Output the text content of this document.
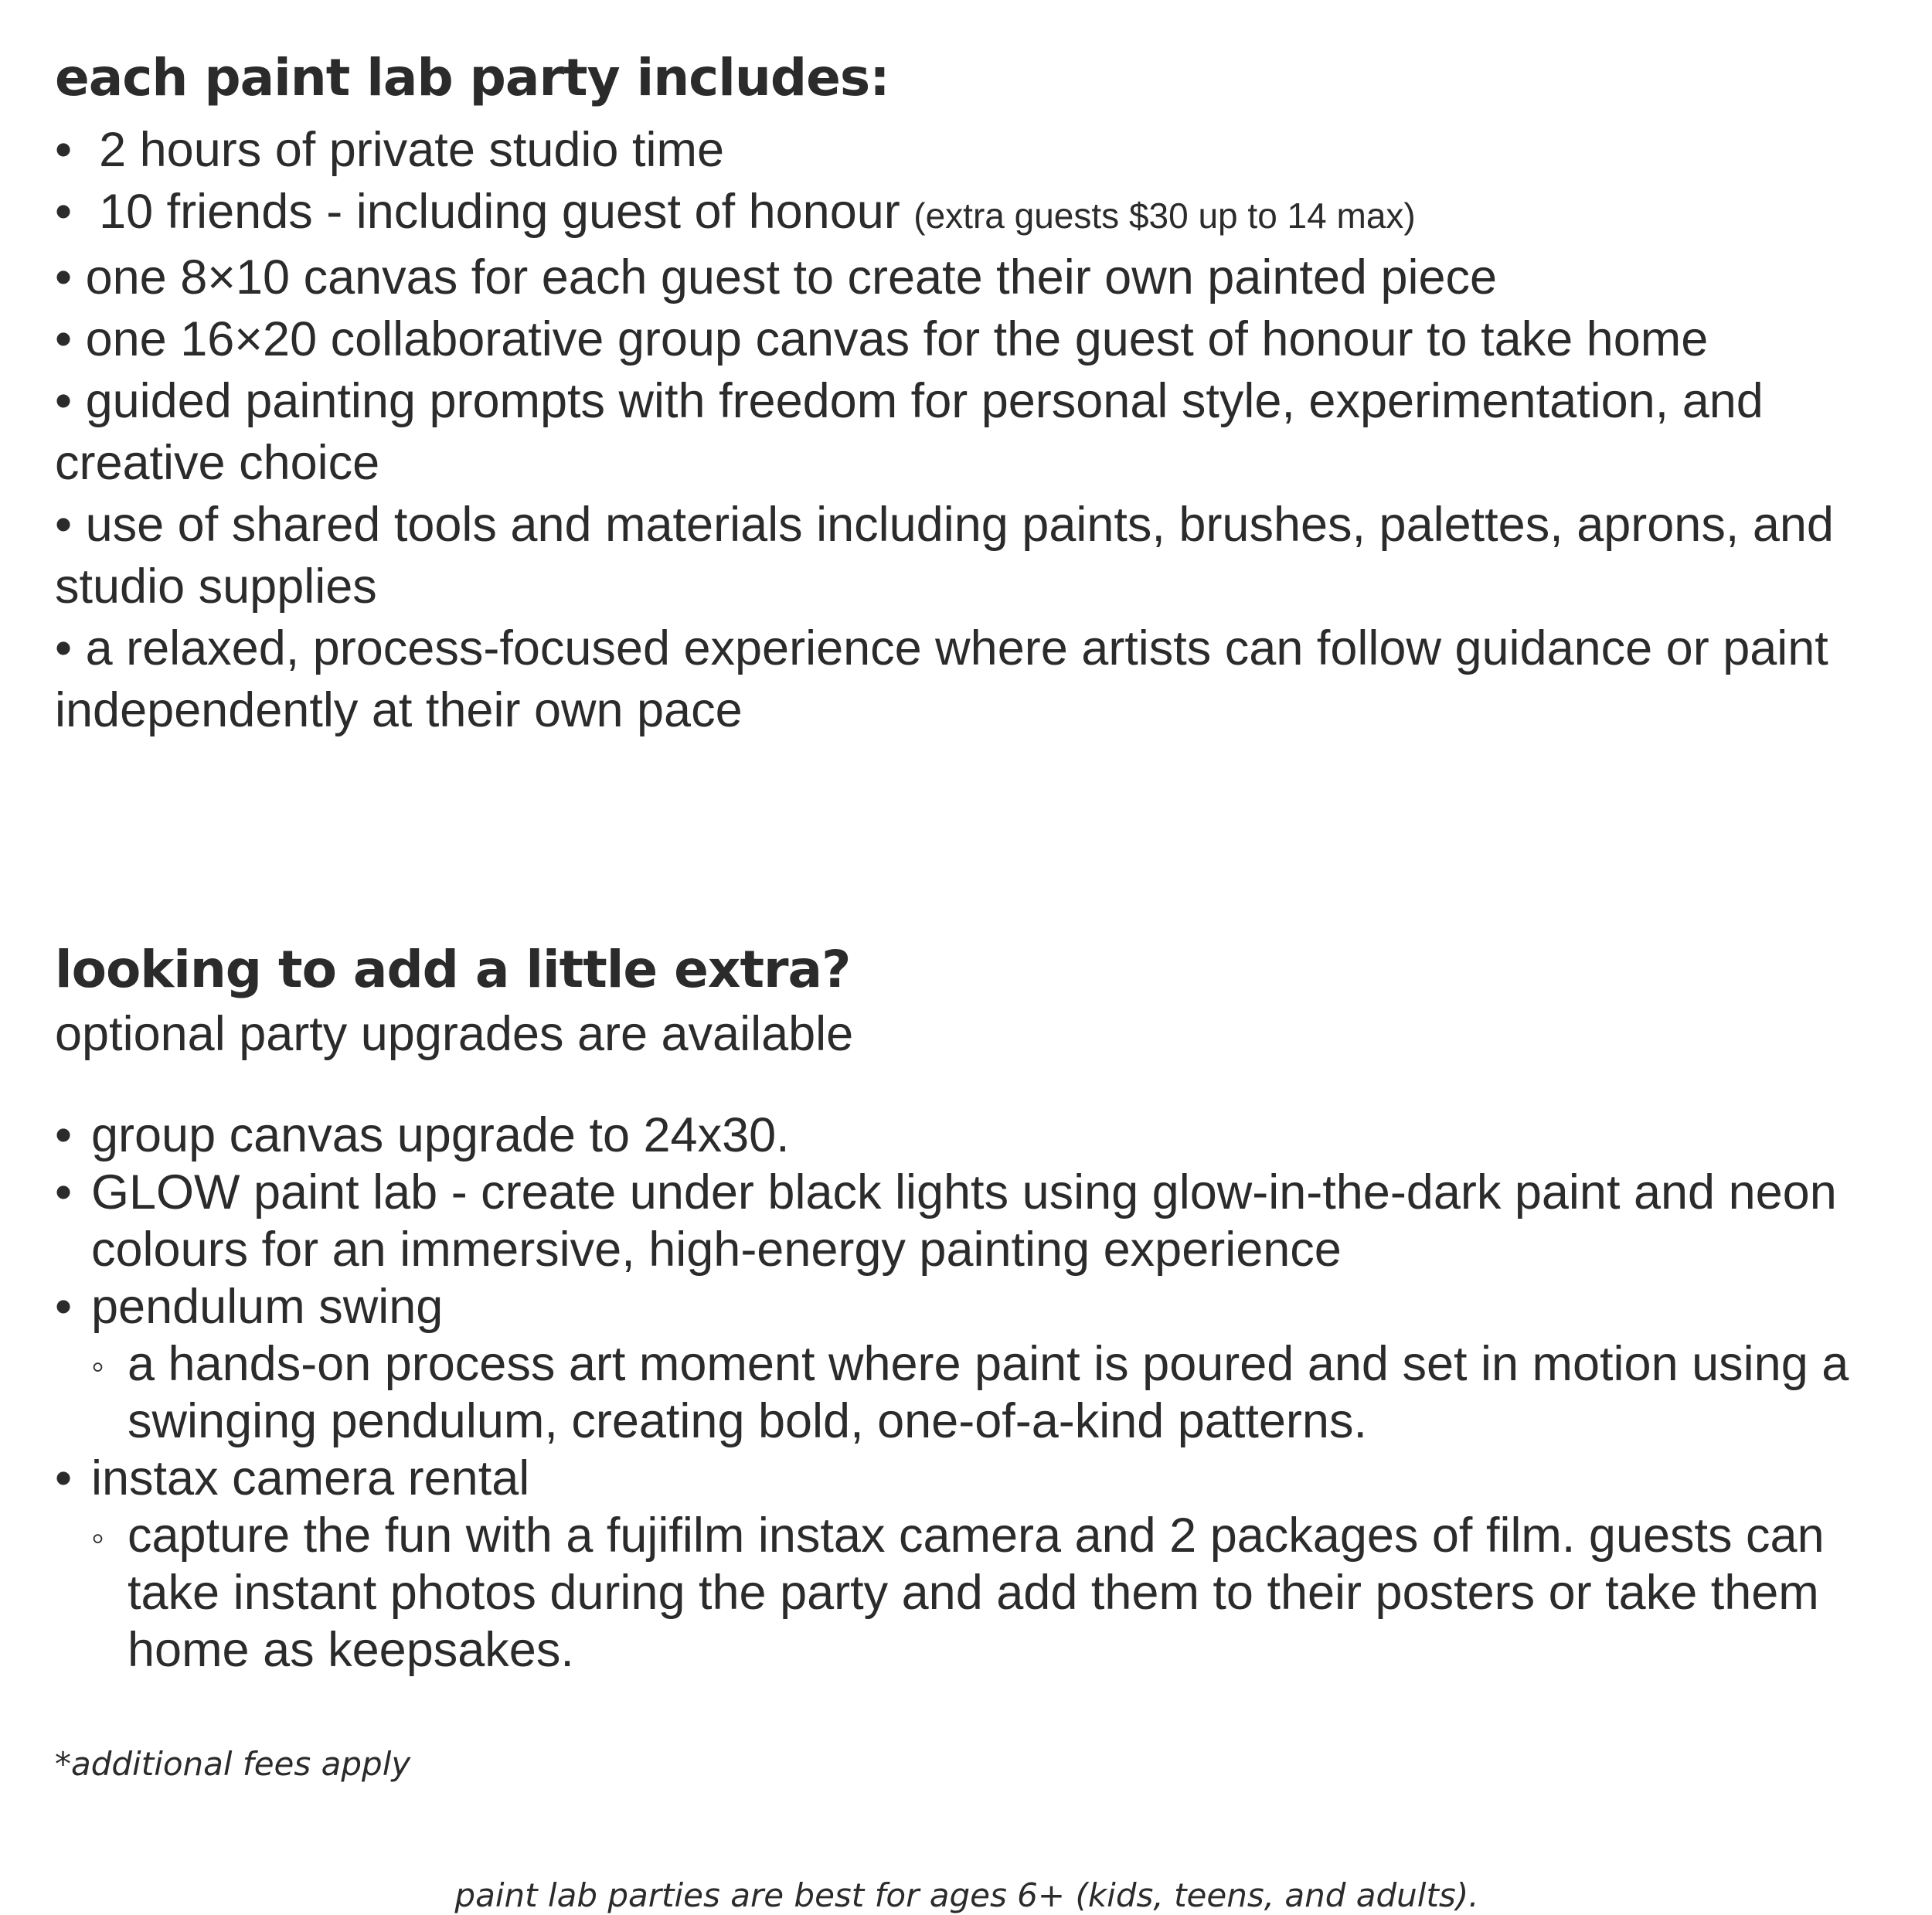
each paint lab party includes:
• 2 hours of private studio time
• 10 friends - including guest of honour (extra guests $30 up to 14 max)
• one 8×10 canvas for each guest to create their own painted piece
• one 16×20 collaborative group canvas for the guest of honour to take home
• guided painting prompts with freedom for personal style, experimentation, and creative choice
• use of shared tools and materials including paints, brushes, palettes, aprons, and studio supplies
• a relaxed, process-focused experience where artists can follow guidance or paint independently at their own pace
looking to add a little extra?
optional party upgrades are available
• group canvas upgrade to 24x30.
• GLOW paint lab - create under black lights using glow-in-the-dark paint and neon colours for an immersive, high-energy painting experience
• pendulum swing
◦ a hands-on process art moment where paint is poured and set in motion using a swinging pendulum, creating bold, one-of-a-kind patterns.
• instax camera rental
◦ capture the fun with a fujifilm instax camera and 2 packages of film. guests can take instant photos during the party and add them to their posters or take them home as keepsakes.
*additional fees apply
paint lab parties are best for ages 6+ (kids, teens, and adults).
